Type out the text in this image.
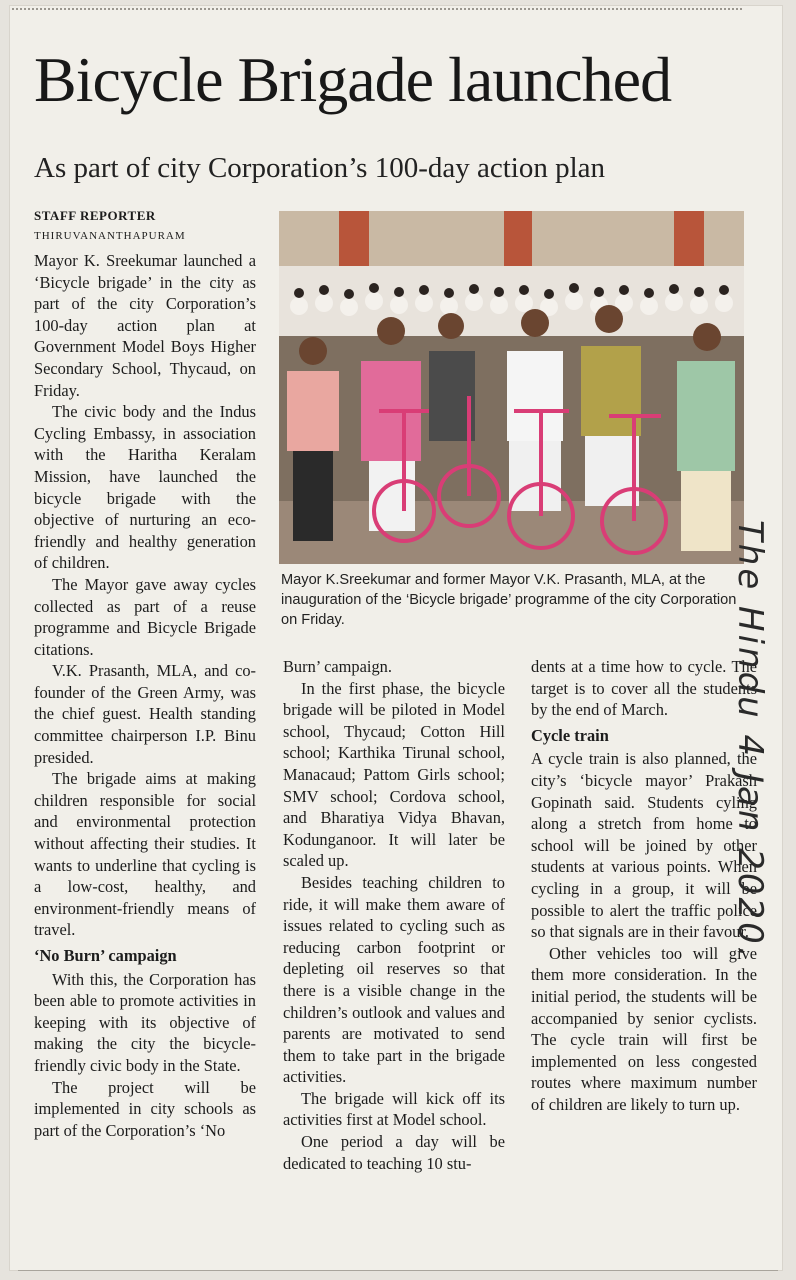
Bicycle Brigade launched
As part of city Corporation’s 100-day action plan
STAFF REPORTER
THIRUVANANTHAPURAM

Mayor K. Sreekumar launched a ‘Bicycle brigade’ in the city as part of the city Corporation’s 100-day action plan at Government Model Boys Higher Secondary School, Thycaud, on Friday.

The civic body and the Indus Cycling Embassy, in association with the Haritha Keralam Mission, have launched the bicycle brigade with the objective of nurturing an eco-friendly and healthy generation of children.

The Mayor gave away cycles collected as part of a reuse programme and Bicycle Brigade citations.

V.K. Prasanth, MLA, and co-founder of the Green Army, was the chief guest. Health standing committee chairperson I.P. Binu presided.

The brigade aims at making children responsible for social and environmental protection without affecting their studies. It wants to underline that cycling is a low-cost, healthy, and environment-friendly means of travel.

‘No Burn’ campaign

With this, the Corporation has been able to promote activities in keeping with its objective of making the city the bicycle-friendly civic body in the State.

The project will be implemented in city schools as part of the Corporation’s ‘No

Mayor K.Sreekumar and former Mayor V.K. Prasanth, MLA, at the inauguration of the ‘Bicycle brigade’ programme of the city Corporation on Friday.

Burn’ campaign.

In the first phase, the bicycle brigade will be piloted in Model school, Thycaud; Cotton Hill school; Karthika Tirunal school, Manacaud; Pattom Girls school; SMV school; Cordova school, and Bharatiya Vidya Bhavan, Kodunganoor. It will later be scaled up.

Besides teaching children to ride, it will make them aware of issues related to cycling such as reducing carbon footprint or depleting oil reserves so that there is a visible change in the children’s outlook and values and parents are motivated to send them to take part in the brigade activities.

The brigade will kick off its activities first at Model school.

One period a day will be dedicated to teaching 10 stu-

dents at a time how to cycle. The target is to cover all the students by the end of March.

Cycle train

A cycle train is also planned, the city’s ‘bicycle mayor’ Prakash Gopinath said. Students cyling along a stretch from home to school will be joined by other students at various points. When cycling in a group, it will be possible to alert the traffic police so that signals are in their favour.

Other vehicles too will give them more consideration. In the initial period, the students will be accompanied by senior cyclists. The cycle train will first be implemented on less congested routes where maximum number of children are likely to turn up.

The Hindu 4 Jan 2020.
